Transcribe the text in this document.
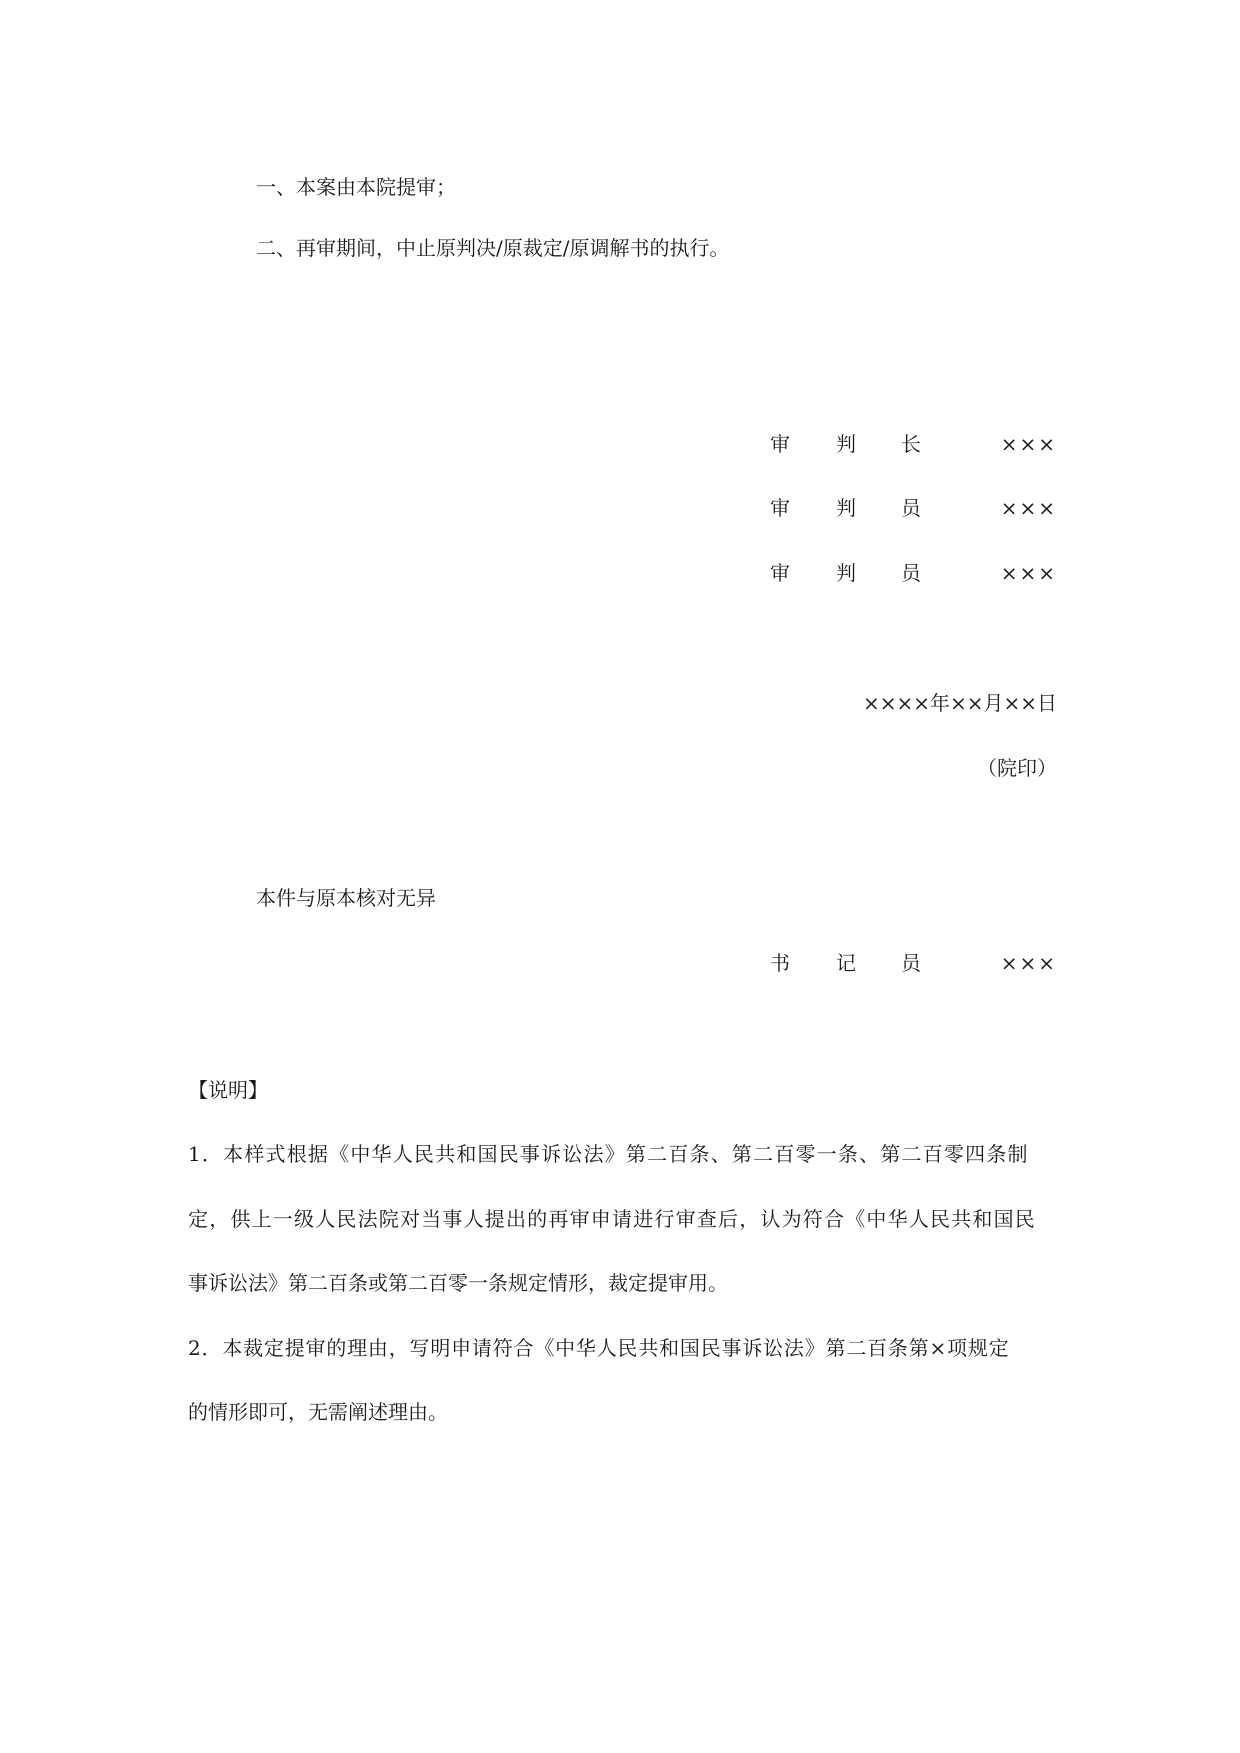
一、本案由本院提审；
二、再审期间，中止原判决/原裁定/原调解书的执行。
审 判 长	×××
审 判 员	×××
审 判 员	×××
××××年××月××日
（院印）
本件与原本核对无异
书 记 员	×××
【说明】
1．本样式根据《中华人民共和国民事诉讼法》第二百条、第二百零一条、第二百零四条制
定，供上一级人民法院对当事人提出的再审申请进行审查后，认为符合《中华人民共和国民
事诉讼法》第二百条或第二百零一条规定情形，裁定提审用。
2．本裁定提审的理由，写明申请符合《中华人民共和国民事诉讼法》第二百条第×项规定
的情形即可，无需阐述理由。
